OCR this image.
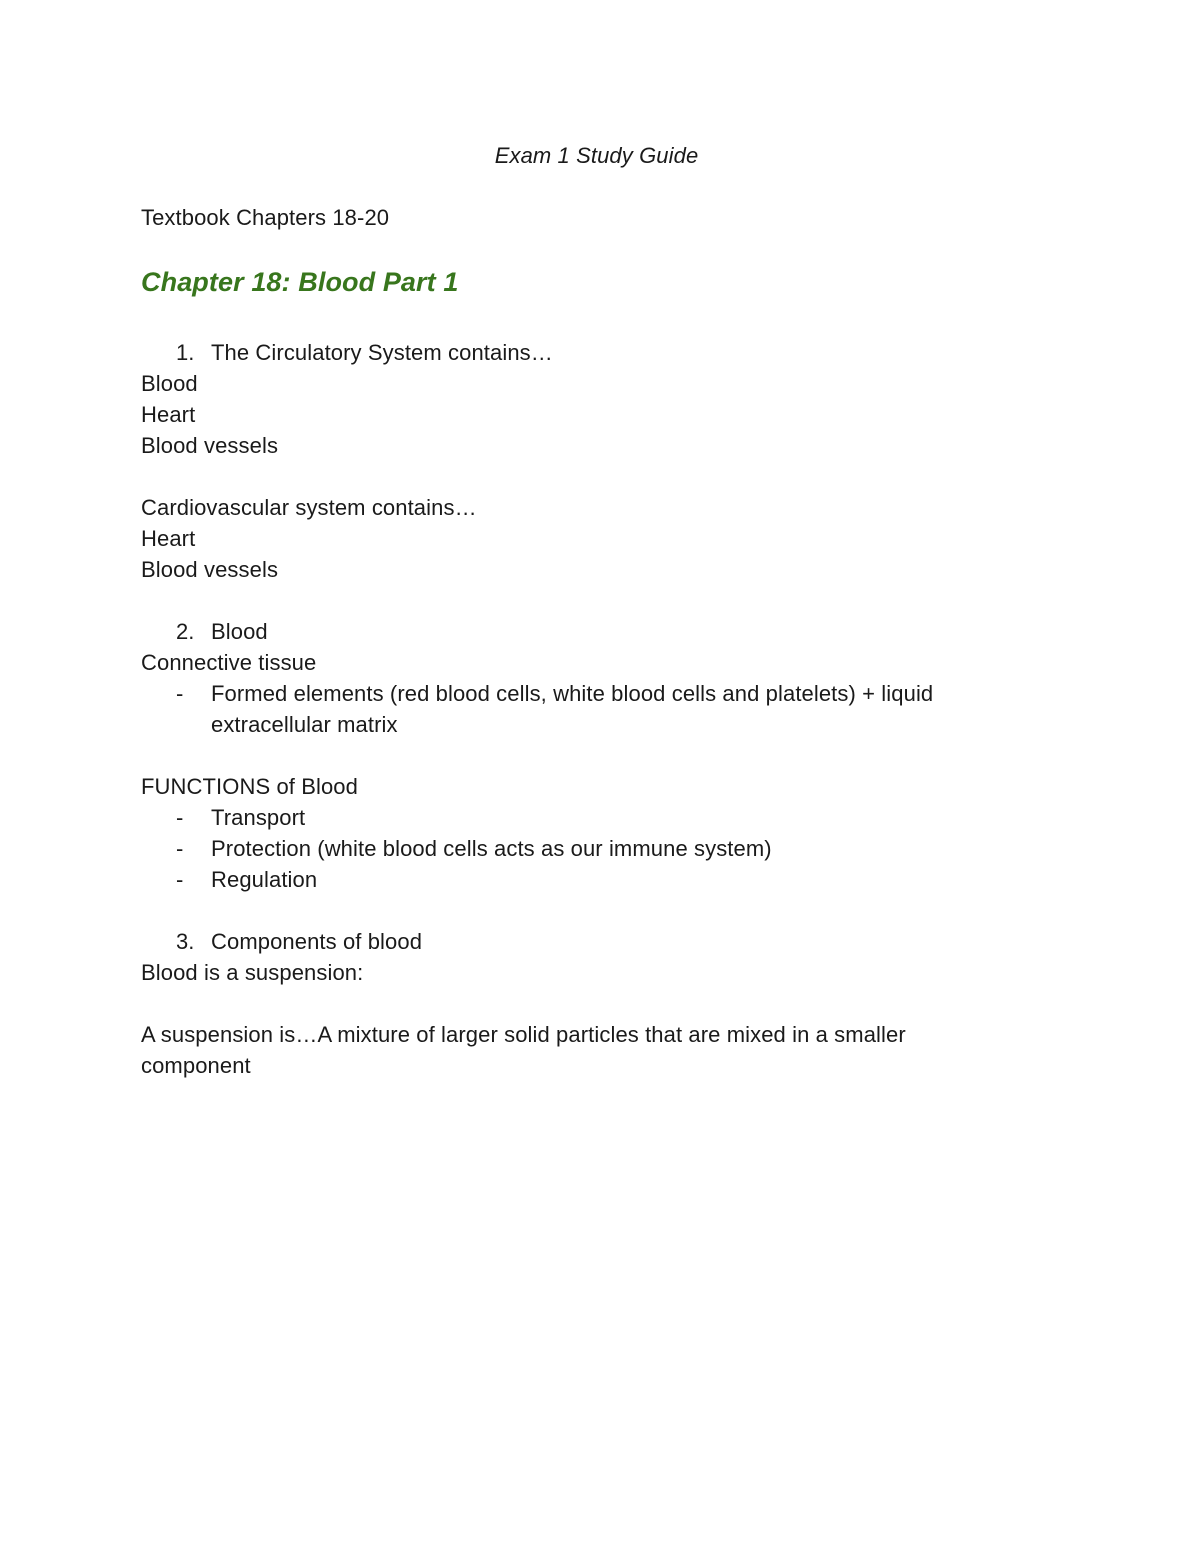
Exam 1 Study Guide
Textbook Chapters 18-20
Chapter 18: Blood Part 1
1. The Circulatory System contains…
Blood
Heart
Blood vessels
Cardiovascular system contains…
Heart
Blood vessels
2. Blood
Connective tissue
- Formed elements (red blood cells, white blood cells and platelets) + liquid
extracellular matrix
FUNCTIONS of Blood
- Transport
- Protection (white blood cells acts as our immune system)
- Regulation
3. Components of blood
Blood is a suspension:
A suspension is…A mixture of larger solid particles that are mixed in a smaller
component
